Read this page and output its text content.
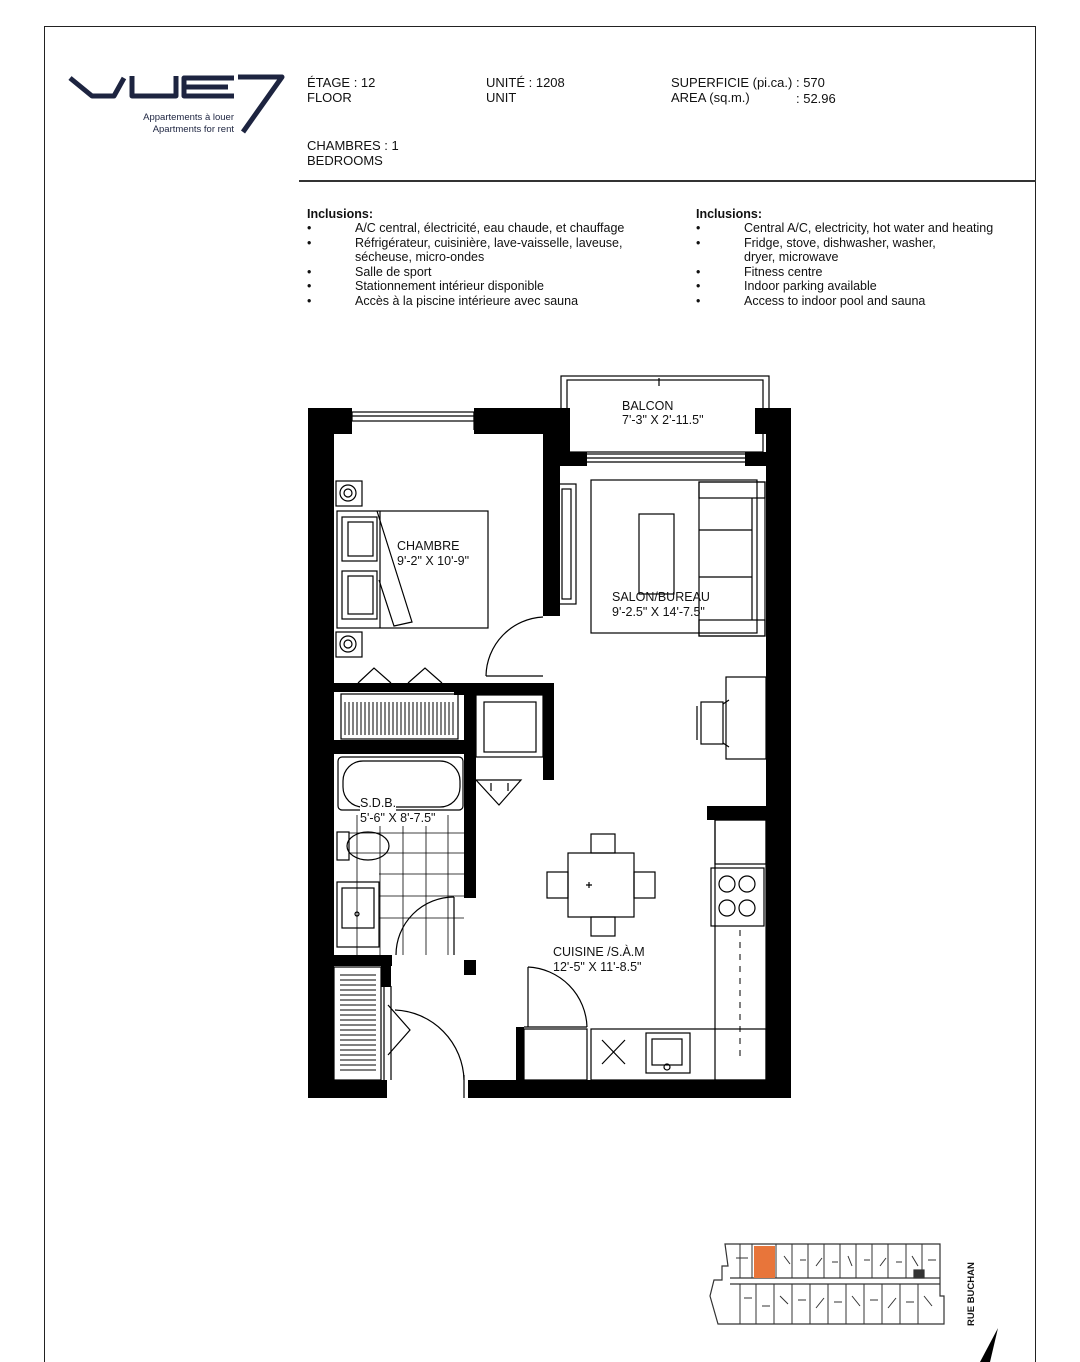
Appartements à louer
Apartments for rent
ÉTAGE : 12
FLOOR
UNITÉ : 1208
UNIT
SUPERFICIE (pi.ca.) : 570
AREA (sq.m.)	: 52.96
CHAMBRES : 1
BEDROOMS
Inclusions:
•	A/C central, électricité, eau chaude, et chauffage
•	Réfrigérateur, cuisinière, lave-vaisselle, laveuse,
sécheuse, micro-ondes
•	Salle de sport
•	Stationnement intérieur disponible
•	Accès à la piscine intérieure avec sauna
Inclusions:
•	Central A/C, electricity, hot water and heating
•	Fridge, stove, dishwasher, washer,
dryer, microwave
•	Fitness centre
•	Indoor parking available
•	Access to indoor pool and sauna
BALCON
7'-3" X 2'-11.5"
CHAMBRE
9'-2" X 10'-9"
SALON/BUREAU
9'-2.5" X 14'-7.5"
S.D.B.
5'-6" X 8'-7.5"
CUISINE /S.À.M
12'-5" X 11'-8.5"
RUE BUCHAN
